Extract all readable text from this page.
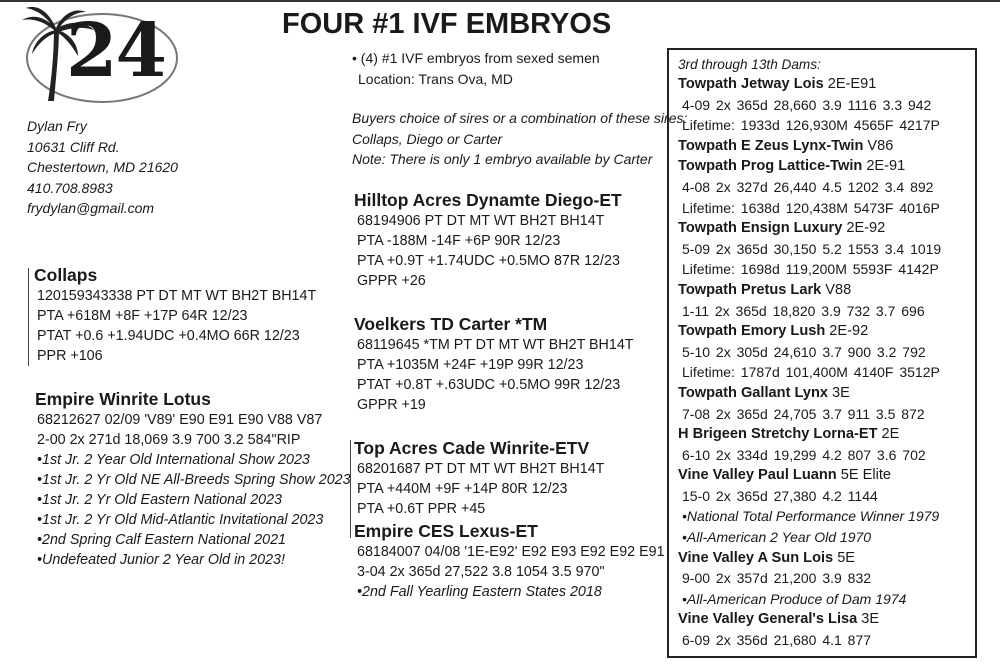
24	FOUR #1 IVF EMBRYOS
Dylan Fry
10631 Cliff Rd.
Chestertown, MD 21620
410.708.8983
frydylan@gmail.com
• (4) #1 IVF embryos from sexed semen
Location: Trans Ova, MD
Buyers choice of sires or a combination of these sires:
Collaps, Diego or Carter
Note: There is only 1 embryo available by Carter
Collaps
120159343338 PT DT MT WT BH2T BH14T
PTA +618M +8F +17P 64R 12/23
PTAT +0.6 +1.94UDC +0.4MO 66R 12/23
PPR +106
Empire Winrite Lotus
68212627 02/09 'V89' E90 E91 E90 V88 V87
2-00 2x 271d 18,069 3.9 700 3.2 584"RIP
•1st Jr. 2 Year Old International Show 2023
•1st Jr. 2 Yr Old NE All-Breeds Spring Show 2023
•1st Jr. 2 Yr Old Eastern National 2023
•1st Jr. 2 Yr Old Mid-Atlantic Invitational 2023
•2nd Spring Calf Eastern National 2021
•Undefeated Junior 2 Year Old in 2023!
Hilltop Acres Dynamte Diego-ET
68194906 PT DT MT WT BH2T BH14T
PTA -188M -14F +6P 90R 12/23
PTA +0.9T +1.74UDC +0.5MO 87R 12/23
GPPR +26
Voelkers TD Carter *TM
68119645 *TM PT DT MT WT BH2T BH14T
PTA +1035M +24F +19P 99R 12/23
PTAT +0.8T +.63UDC +0.5MO 99R 12/23
GPPR +19
Top Acres Cade Winrite-ETV
68201687 PT DT MT WT BH2T BH14T
PTA +440M +9F +14P 80R 12/23
PTA +0.6T PPR +45
Empire CES Lexus-ET
68184007 04/08 '1E-E92' E92 E93 E92 E92 E91
3-04 2x 365d 27,522 3.8 1054 3.5 970"
•2nd Fall Yearling Eastern States 2018
3rd through 13th Dams:
Towpath Jetway Lois 2E-E91
4-09 2x 365d 28,660 3.9 1116 3.3 942
Lifetime: 1933d 126,930M 4565F 4217P
Towpath E Zeus Lynx-Twin V86
Towpath Prog Lattice-Twin 2E-91
4-08 2x 327d 26,440 4.5 1202 3.4 892
Lifetime: 1638d 120,438M 5473F 4016P
Towpath Ensign Luxury 2E-92
5-09 2x 365d 30,150 5.2 1553 3.4 1019
Lifetime: 1698d 119,200M 5593F 4142P
Towpath Pretus Lark V88
1-11 2x 365d 18,820 3.9 732 3.7 696
Towpath Emory Lush 2E-92
5-10 2x 305d 24,610 3.7 900 3.2 792
Lifetime: 1787d 101,400M 4140F 3512P
Towpath Gallant Lynx 3E
7-08 2x 365d 24,705 3.7 911 3.5 872
H Brigeen Stretchy Lorna-ET 2E
6-10 2x 334d 19,299 4.2 807 3.6 702
Vine Valley Paul Luann 5E Elite
15-0 2x 365d 27,380 4.2 1144
•National Total Performance Winner 1979
•All-American 2 Year Old 1970
Vine Valley A Sun Lois 5E
9-00 2x 357d 21,200 3.9 832
•All-American Produce of Dam 1974
Vine Valley General's Lisa 3E
6-09 2x 356d 21,680 4.1 877
